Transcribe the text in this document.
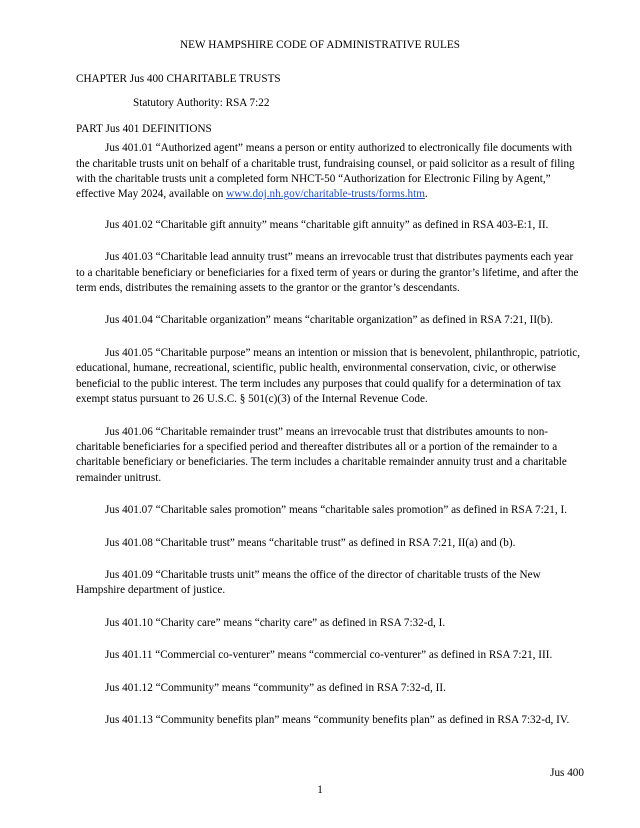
NEW HAMPSHIRE CODE OF ADMINISTRATIVE RULES

CHAPTER Jus 400 CHARITABLE TRUSTS

Statutory Authority: RSA 7:22

PART Jus 401 DEFINITIONS

Jus 401.01 “Authorized agent” means a person or entity authorized to electronically file documents with the charitable trusts unit on behalf of a charitable trust, fundraising counsel, or paid solicitor as a result of filing with the charitable trusts unit a completed form NHCT-50 “Authorization for Electronic Filing by Agent,” effective May 2024, available on www.doj.nh.gov/charitable-trusts/forms.htm.

Jus 401.02 “Charitable gift annuity” means “charitable gift annuity” as defined in RSA 403-E:1, II.

Jus 401.03 “Charitable lead annuity trust” means an irrevocable trust that distributes payments each year to a charitable beneficiary or beneficiaries for a fixed term of years or during the grantor’s lifetime, and after the term ends, distributes the remaining assets to the grantor or the grantor’s descendants.

Jus 401.04 “Charitable organization” means “charitable organization” as defined in RSA 7:21, II(b).

Jus 401.05 “Charitable purpose” means an intention or mission that is benevolent, philanthropic, patriotic, educational, humane, recreational, scientific, public health, environmental conservation, civic, or otherwise beneficial to the public interest. The term includes any purposes that could qualify for a determination of tax exempt status pursuant to 26 U.S.C. § 501(c)(3) of the Internal Revenue Code.

Jus 401.06 “Charitable remainder trust” means an irrevocable trust that distributes amounts to non-charitable beneficiaries for a specified period and thereafter distributes all or a portion of the remainder to a charitable beneficiary or beneficiaries. The term includes a charitable remainder annuity trust and a charitable remainder unitrust.

Jus 401.07 “Charitable sales promotion” means “charitable sales promotion” as defined in RSA 7:21, I.

Jus 401.08 “Charitable trust” means “charitable trust” as defined in RSA 7:21, II(a) and (b).

Jus 401.09 “Charitable trusts unit” means the office of the director of charitable trusts of the New Hampshire department of justice.

Jus 401.10 “Charity care” means “charity care” as defined in RSA 7:32-d, I.

Jus 401.11 “Commercial co-venturer” means “commercial co-venturer” as defined in RSA 7:21, III.

Jus 401.12 “Community” means “community” as defined in RSA 7:32-d, II.

Jus 401.13 “Community benefits plan” means “community benefits plan” as defined in RSA 7:32-d, IV.

Jus 400
1
